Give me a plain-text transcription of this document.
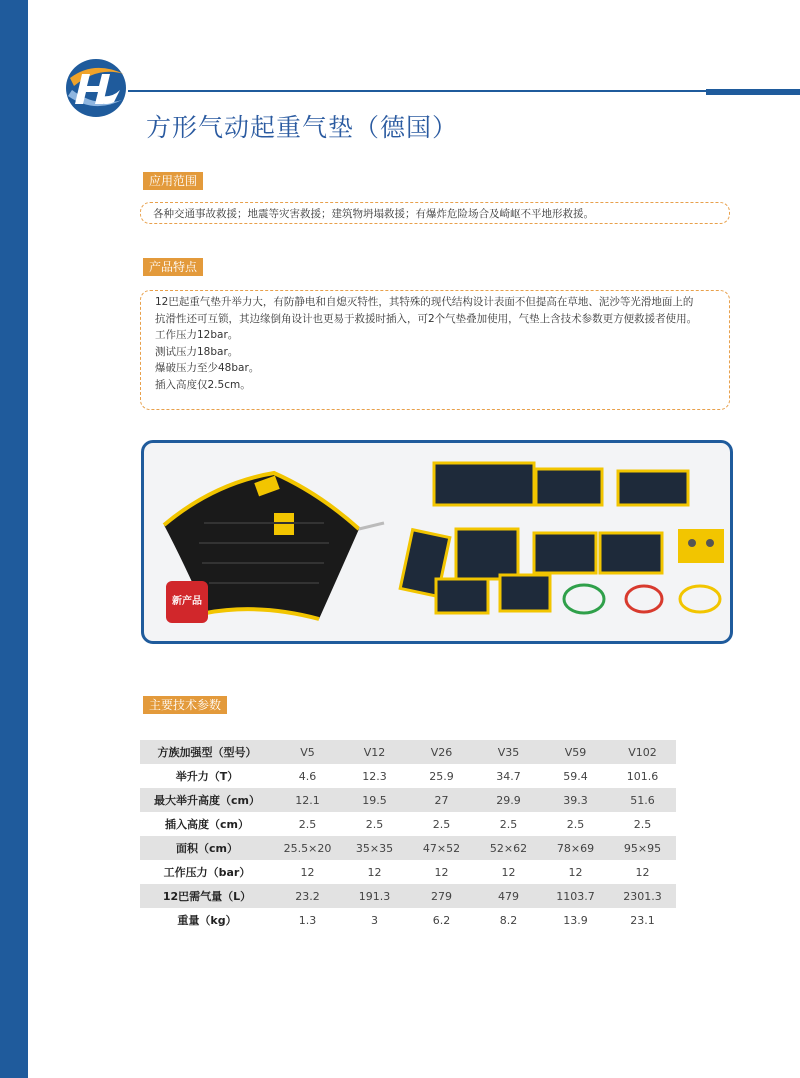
方形气动起重气垫（德国）
应用范围

各种交通事故救援；地震等灾害救援；建筑物坍塌救援；有爆炸危险场合及崎岖不平地形救援。

产品特点

12巴起重气垫升举力大，有防静电和自熄灭特性，其特殊的现代结构设计表面不但提高在草地、泥沙等光滑地面上的

抗滑性还可互锁，其边缘倒角设计也更易于救援时插入，可2个气垫叠加使用，气垫上含技术参数更方便救援者使用。

工作压力12bar。

测试压力18bar。

爆破压力至少48bar。

插入高度仅2.5cm。

新产品
主要技术参数
方族加强型（型号）	V5	V12	V26	V35	V59	V102
举升力（T）	4.6	12.3	25.9	34.7	59.4	101.6
最大举升高度（cm）	12.1	19.5	27	29.9	39.3	51.6
插入高度（cm）	2.5	2.5	2.5	2.5	2.5	2.5
面积（cm）	25.5×20	35×35	47×52	52×62	78×69	95×95
工作压力（bar）	12	12	12	12	12	12
12巴需气量（L）	23.2	191.3	279	479	1103.7	2301.3
重量（kg）	1.3	3	6.2	8.2	13.9	23.1
